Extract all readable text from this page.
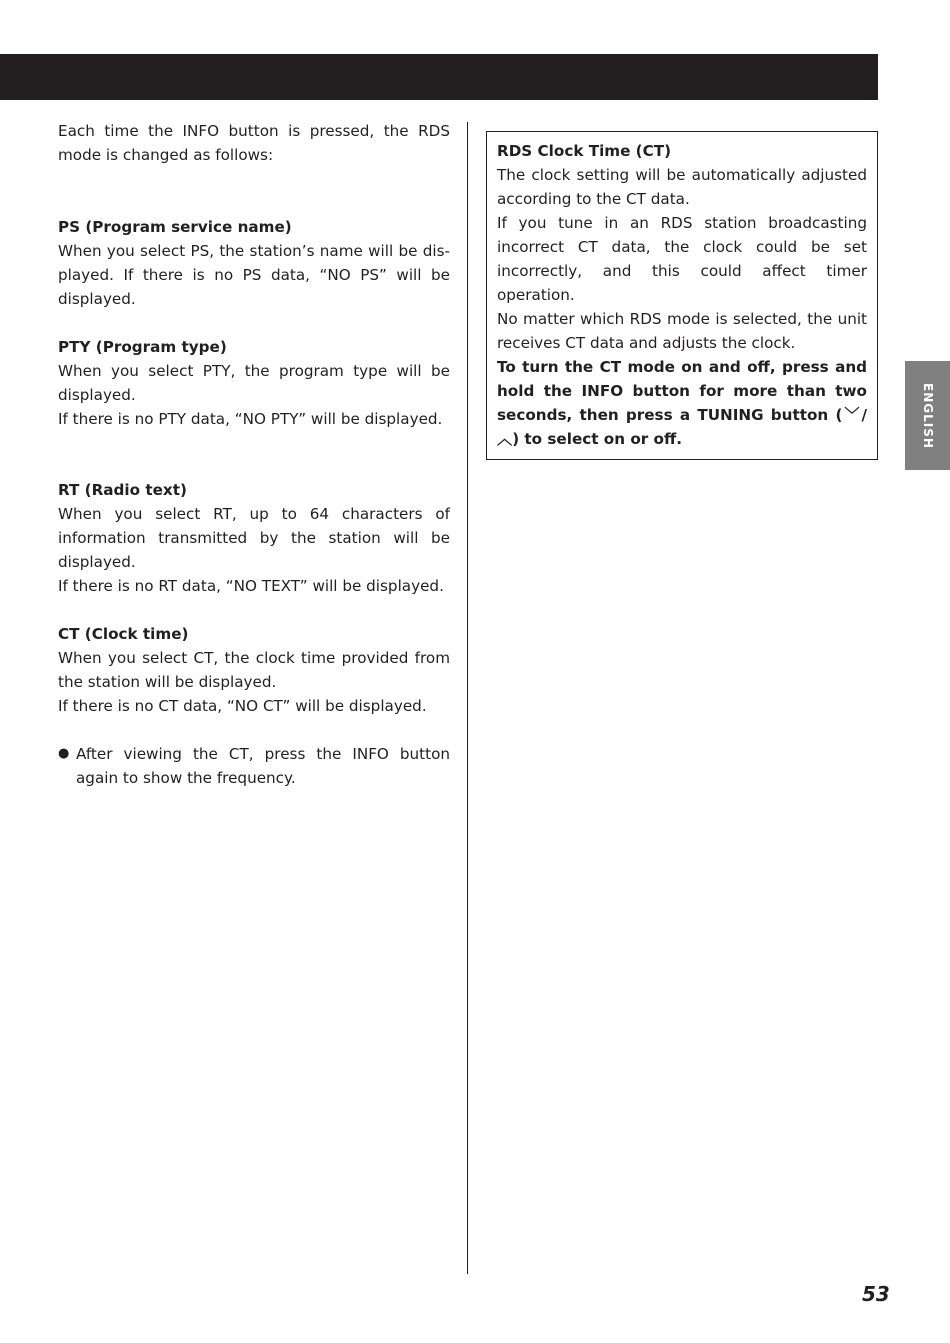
Each time the INFO button is pressed, the RDS mode is changed as follows:

PS (Program service name)

When you select PS, the station’s name will be dis-played. If there is no PS data, “NO PS” will be displayed.

PTY (Program type)

When you select PTY, the program type will be displayed.

If there is no PTY data, “NO PTY” will be displayed.

RT (Radio text)

When you select RT, up to 64 characters of information transmitted by the station will be displayed.

If there is no RT data, “NO TEXT” will be displayed.

CT (Clock time)

When you select CT, the clock time provided from the station will be displayed.

If there is no CT data, “NO CT” will be displayed.

● After viewing the CT, press the INFO button again to show the frequency.

RDS Clock Time (CT)

The clock setting will be automatically adjusted according to the CT data.

If you tune in an RDS station broadcasting incorrect CT data, the clock could be set incorrectly, and this could affect timer operation.

No matter which RDS mode is selected, the unit receives CT data and adjusts the clock.

To turn the CT mode on and off, press and hold the INFO button for more than two seconds, then press a TUNING button (﹀/︿) to select on or off.	ENGLISH
53
